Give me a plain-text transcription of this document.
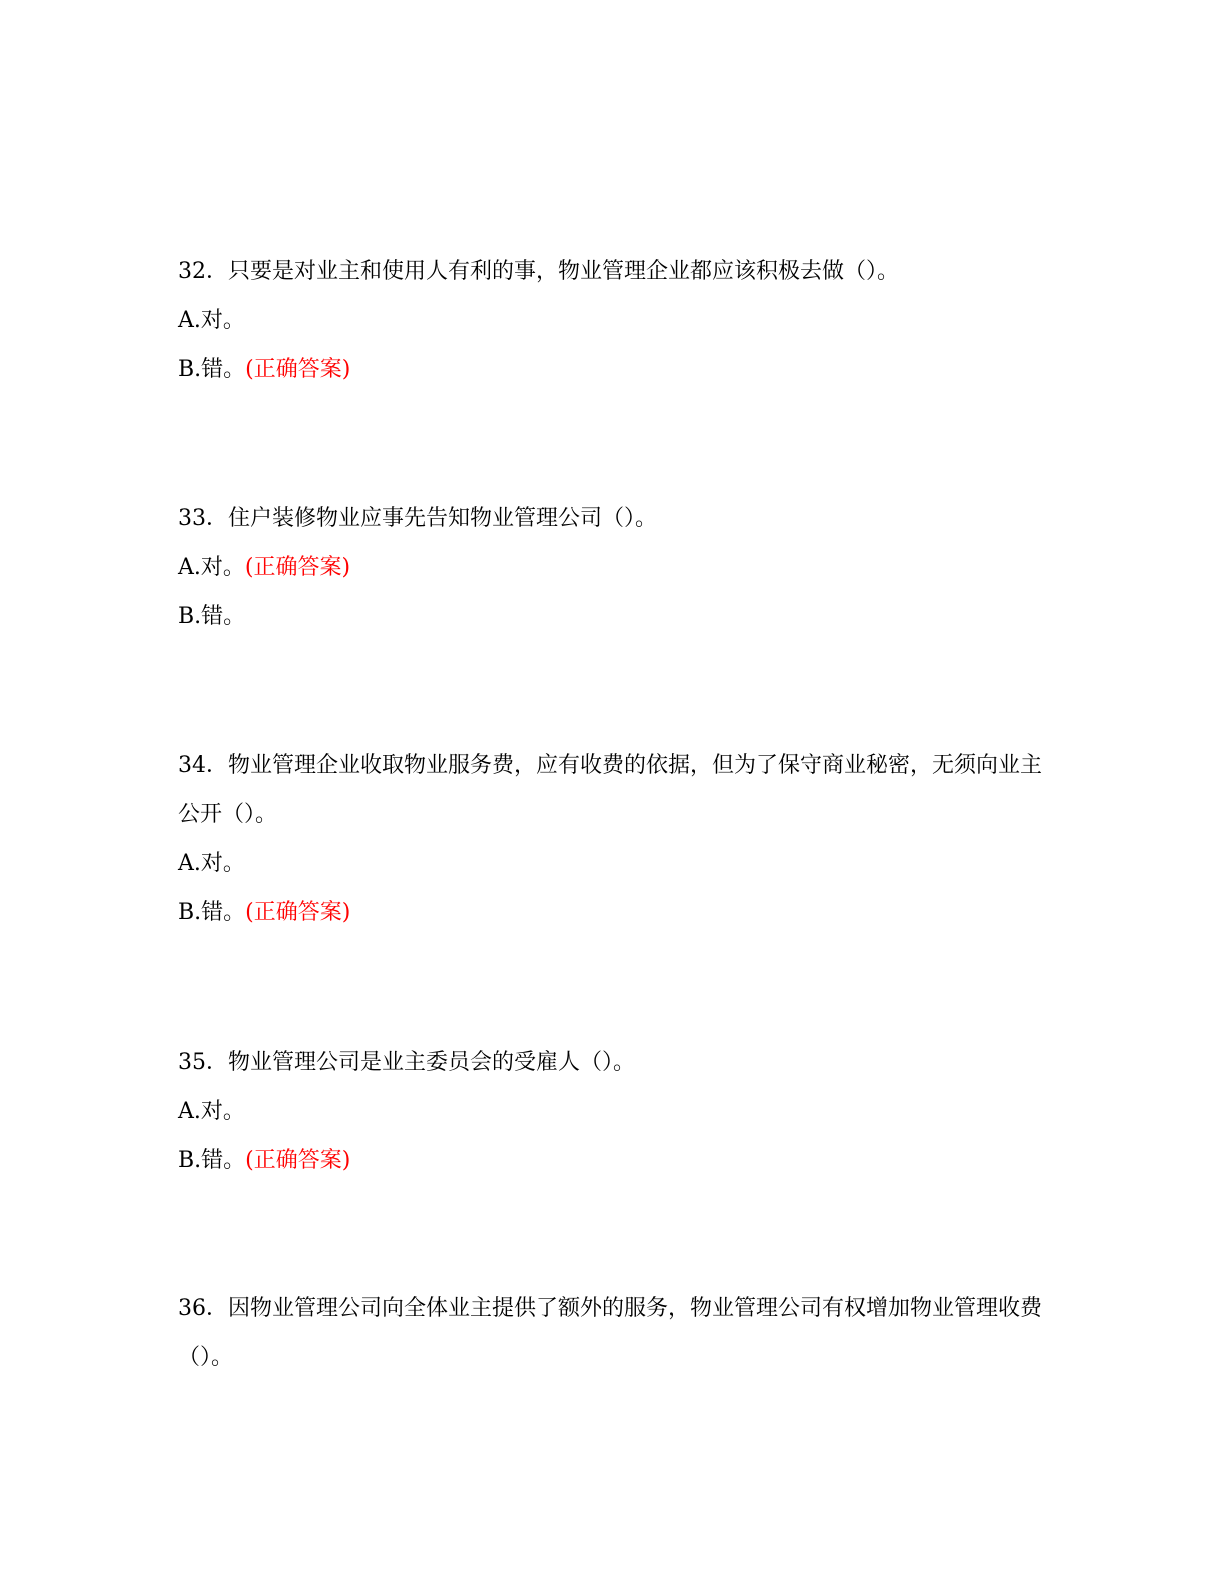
32．只要是对业主和使用人有利的事，物业管理企业都应该积极去做（）。

A.对。

B.错。(正确答案)

33．住户装修物业应事先告知物业管理公司（）。

A.对。(正确答案)

B.错。

34．物业管理企业收取物业服务费，应有收费的依据，但为了保守商业秘密，无须向业主公开（）。

A.对。

B.错。(正确答案)

35．物业管理公司是业主委员会的受雇人（）。

A.对。

B.错。(正确答案)

36．因物业管理公司向全体业主提供了额外的服务，物业管理公司有权增加物业管理收费（）。
